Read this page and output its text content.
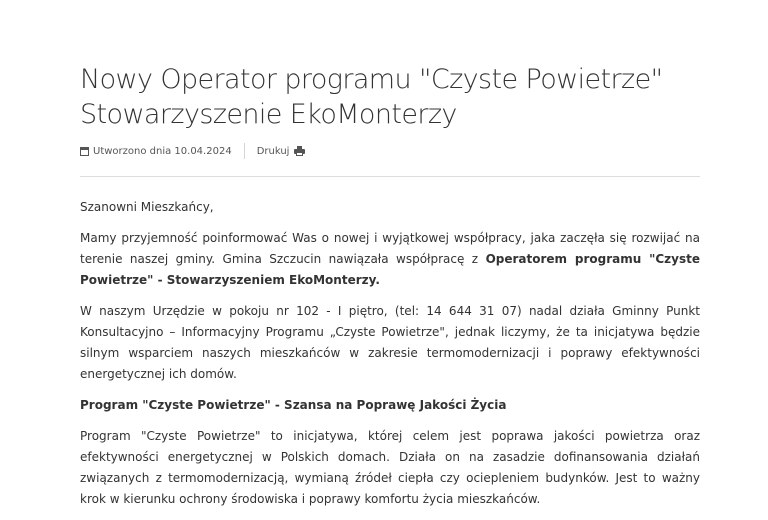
Nowy Operator programu "Czyste Powietrze"
Stowarzyszenie EkoMonterzy
Utworzono dnia 10.04.2024	Drukuj

Szanowni Mieszkańcy,

Mamy przyjemność poinformować Was o nowej i wyjątkowej współpracy, jaka zaczęła się rozwijać na terenie naszej gminy. Gmina Szczucin nawiązała współpracę z Operatorem programu "Czyste Powietrze" - Stowarzyszeniem EkoMonterzy.

W naszym Urzędzie w pokoju nr 102 - I piętro, (tel: 14 644 31 07) nadal działa Gminny Punkt Konsultacyjno – Informacyjny Programu „Czyste Powietrze", jednak liczymy, że ta inicjatywa będzie silnym wsparciem naszych mieszkańców w zakresie termomodernizacji i poprawy efektywności energetycznej ich domów.

Program "Czyste Powietrze" - Szansa na Poprawę Jakości Życia

Program "Czyste Powietrze" to inicjatywa, której celem jest poprawa jakości powietrza oraz efektywności energetycznej w Polskich domach. Działa on na zasadzie dofinansowania działań związanych z termomodernizacją, wymianą źródeł ciepła czy ociepleniem budynków. Jest to ważny krok w kierunku ochrony środowiska i poprawy komfortu życia mieszkańców.
